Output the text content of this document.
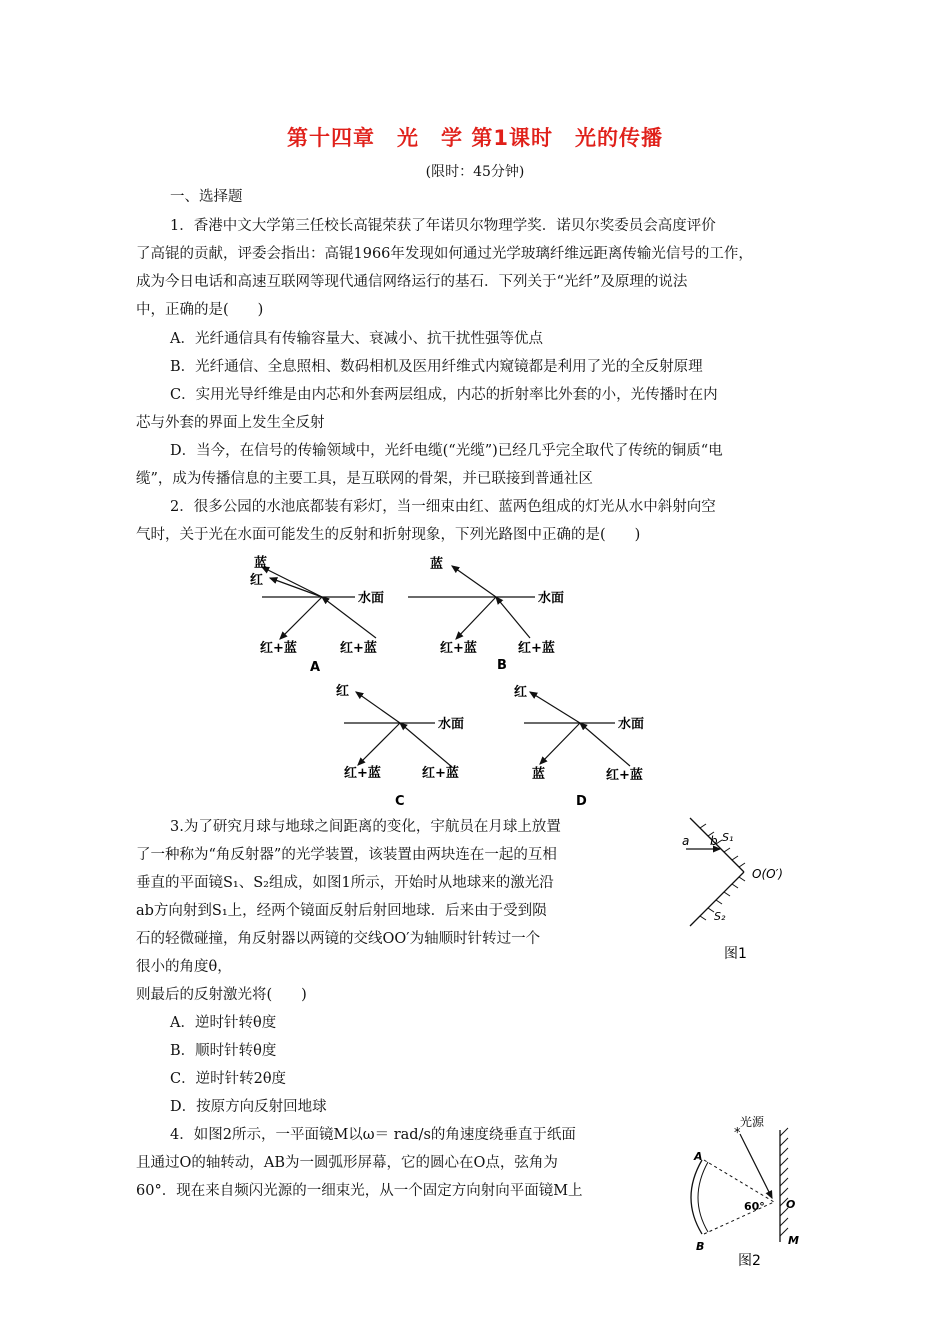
第十四章　光　学 第1课时　光的传播
(限时：45分钟)
一、选择题
1．香港中文大学第三任校长高锟荣获了年诺贝尔物理学奖．诺贝尔奖委员会高度评价
了高锟的贡献，评委会指出：高锟1966年发现如何通过光学玻璃纤维远距离传输光信号的工作，
成为今日电话和高速互联网等现代通信网络运行的基石．下列关于“光纤”及原理的说法
中，正确的是(　　)
A．光纤通信具有传输容量大、衰减小、抗干扰性强等优点
B．光纤通信、全息照相、数码相机及医用纤维式内窥镜都是利用了光的全反射原理
C．实用光导纤维是由内芯和外套两层组成，内芯的折射率比外套的小，光传播时在内
芯与外套的界面上发生全反射
D．当今，在信号的传输领域中，光纤电缆(“光缆”)已经几乎完全取代了传统的铜质“电
缆”，成为传播信息的主要工具，是互联网的骨架，并已联接到普通社区
2．很多公园的水池底都装有彩灯，当一细束由红、蓝两色组成的灯光从水中斜射向空
气时，关于光在水面可能发生的反射和折射现象，下列光路图中正确的是(　　)
水面
蓝
红
红+蓝	红+蓝
A
水面
蓝
红+蓝	红+蓝
B
水面
红
红+蓝	红+蓝
C
水面
红
蓝	红+蓝
D
3.为了研究月球与地球之间距离的变化，宇航员在月球上放置
了一种称为“角反射器”的光学装置，该装置由两块连在一起的互相
垂直的平面镜S₁、S₂组成，如图1所示，开始时从地球来的激光沿
ab方向射到S₁上，经两个镜面反射后射回地球．后来由于受到陨
石的轻微碰撞，角反射器以两镜的交线OO′为轴顺时针转过一个
很小的角度θ，
则最后的反射激光将(　　)
A．逆时针转θ度
B．顺时针转θ度
C．逆时针转2θ度
D．按原方向反射回地球
a b S₁
S₂
O(O′)
图1
4．如图2所示，一平面镜M以ω＝ rad/s的角速度绕垂直于纸面
且通过O的轴转动，AB为一圆弧形屏幕，它的圆心在O点，弦角为
60°．现在来自频闪光源的一细束光，从一个固定方向射向平面镜M上
*
光源
A
B
O
M
60°
图2
